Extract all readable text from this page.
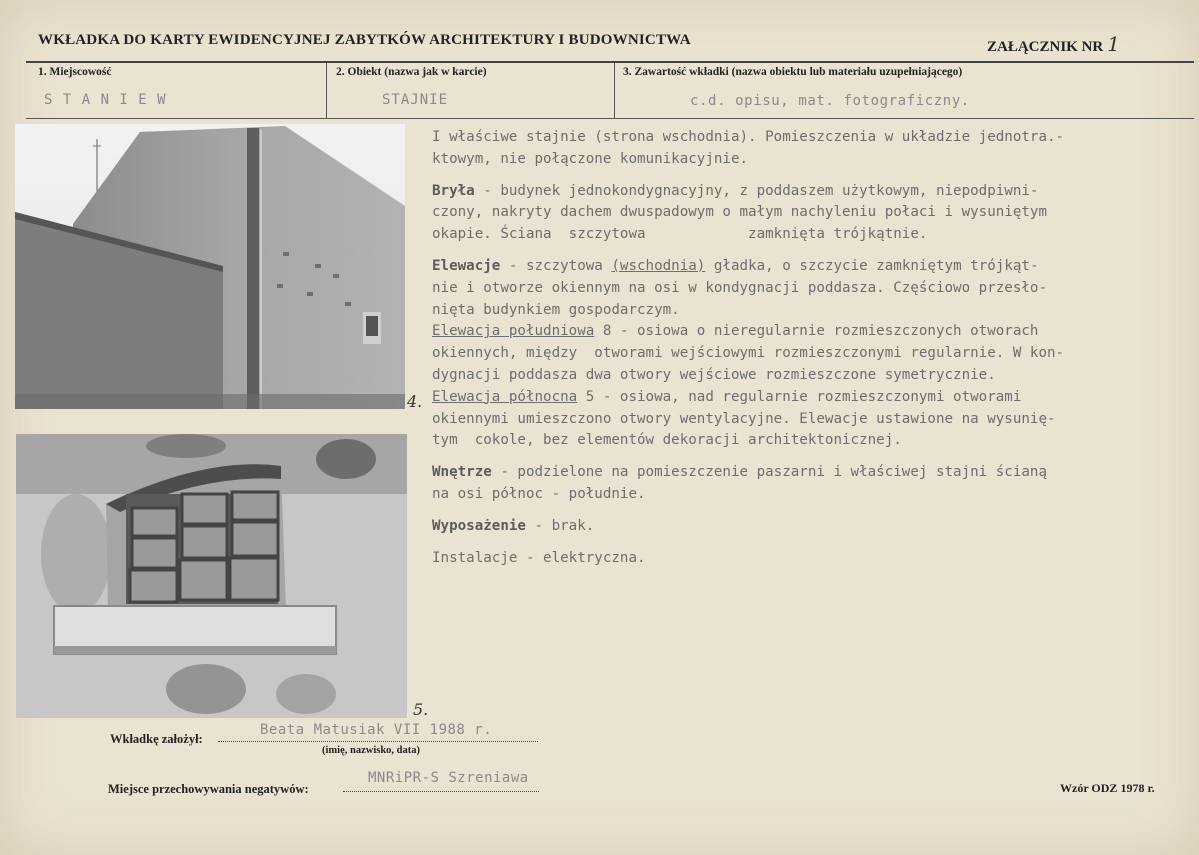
WKŁADKA DO KARTY EWIDENCYJNEJ ZABYTKÓW ARCHITEKTURY I BUDOWNICTWA	ZAŁĄCZNIK NR 1
1. Miejscowość
S T A N I E W
2. Obiekt (nazwa jak w karcie)
STAJNIE
3. Zawartość wkładki (nazwa obiektu lub materiału uzupełniającego)
c.d. opisu, mat. fotograficzny.
4.
5.

I właściwe stajnie (strona wschodnia). Pomieszczenia w układzie jednotra.-
ktowym, nie połączone komunikacyjnie.

Bryła - budynek jednokondygnacyjny, z poddaszem użytkowym, niepodpiwni-
czony, nakryty dachem dwuspadowym o małym nachyleniu połaci i wysuniętym
okapie. Ściana  szczytowa            zamknięta trójkątnie.

Elewacje - szczytowa (wschodnia) gładka, o szczycie zamkniętym trójkąt-
nie i otworze okiennym na osi w kondygnacji poddasza. Częściowo przesło-
nięta budynkiem gospodarczym.
Elewacja południowa 8 - osiowa o nieregularnie rozmieszczonych otworach
okiennych, między  otworami wejściowymi rozmieszczonymi regularnie. W kon-
dygnacji poddasza dwa otwory wejściowe rozmieszczone symetrycznie.
Elewacja północna 5 - osiowa, nad regularnie rozmieszczonymi otworami
okiennymi umieszczono otwory wentylacyjne. Elewacje ustawione na wysunię-
tym  cokole, bez elementów dekoracji architektonicznej.

Wnętrze - podzielone na pomieszczenie paszarni i właściwej stajni ścianą
na osi północ - południe.

Wyposażenie - brak.

Instalacje - elektryczna.

Wkładkę założył:
Beata Matusiak VII 1988 r.
(imię, nazwisko, data)
Miejsce przechowywania negatywów:
MNRiPR-S Szreniawa
Wzór ODZ 1978 r.
